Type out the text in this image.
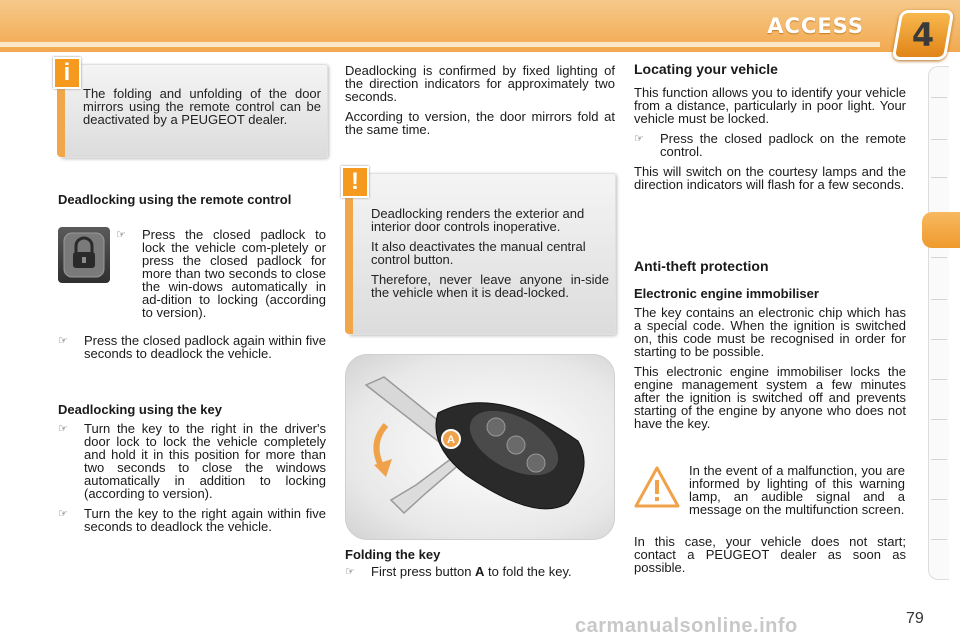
ACCESS	4
i
The folding and unfolding of the door mirrors using the remote control can be deactivated by a PEUGEOT dealer.
!

Deadlocking renders the exterior and interior door controls inoperative.

It also deactivates the manual central control button.

Therefore, never leave anyone in-side the vehicle when it is dead-locked.

Deadlocking using the remote control
☞ Press the closed padlock to lock the vehicle com-pletely or press the closed padlock for more than two seconds to close the win-dows automatically in ad-dition to locking (according to version).
☞ Press the closed padlock again within five seconds to deadlock the vehicle.
Deadlocking using the key
☞ Turn the key to the right in the driver's door lock to lock the vehicle completely and hold it in this position for more than two seconds to close the windows automatically in addition to locking (according to version).
☞ Turn the key to the right again within five seconds to deadlock the vehicle.

Deadlocking is confirmed by fixed lighting of the direction indicators for approximately two seconds.

According to version, the door mirrors fold at the same time.

A
Folding the key
☞ First press button A to fold the key.

Locating your vehicle

This function allows you to identify your vehicle from a distance, particularly in poor light. Your vehicle must be locked.

☞ Press the closed padlock on the remote control.

This will switch on the courtesy lamps and the direction indicators will flash for a few seconds.

Anti-theft protection

Electronic engine immobiliser

The key contains an electronic chip which has a special code. When the ignition is switched on, this code must be recognised in order for starting to be possible.

This electronic engine immobiliser locks the engine management system a few minutes after the ignition is switched off and prevents starting of the engine by anyone who does not have the key.

In the event of a malfunction, you are informed by lighting of this warning lamp, an audible signal and a message on the multifunction screen.
In this case, your vehicle does not start; contact a PEUGEOT dealer as soon as possible.
carmanualsonline.info	79
